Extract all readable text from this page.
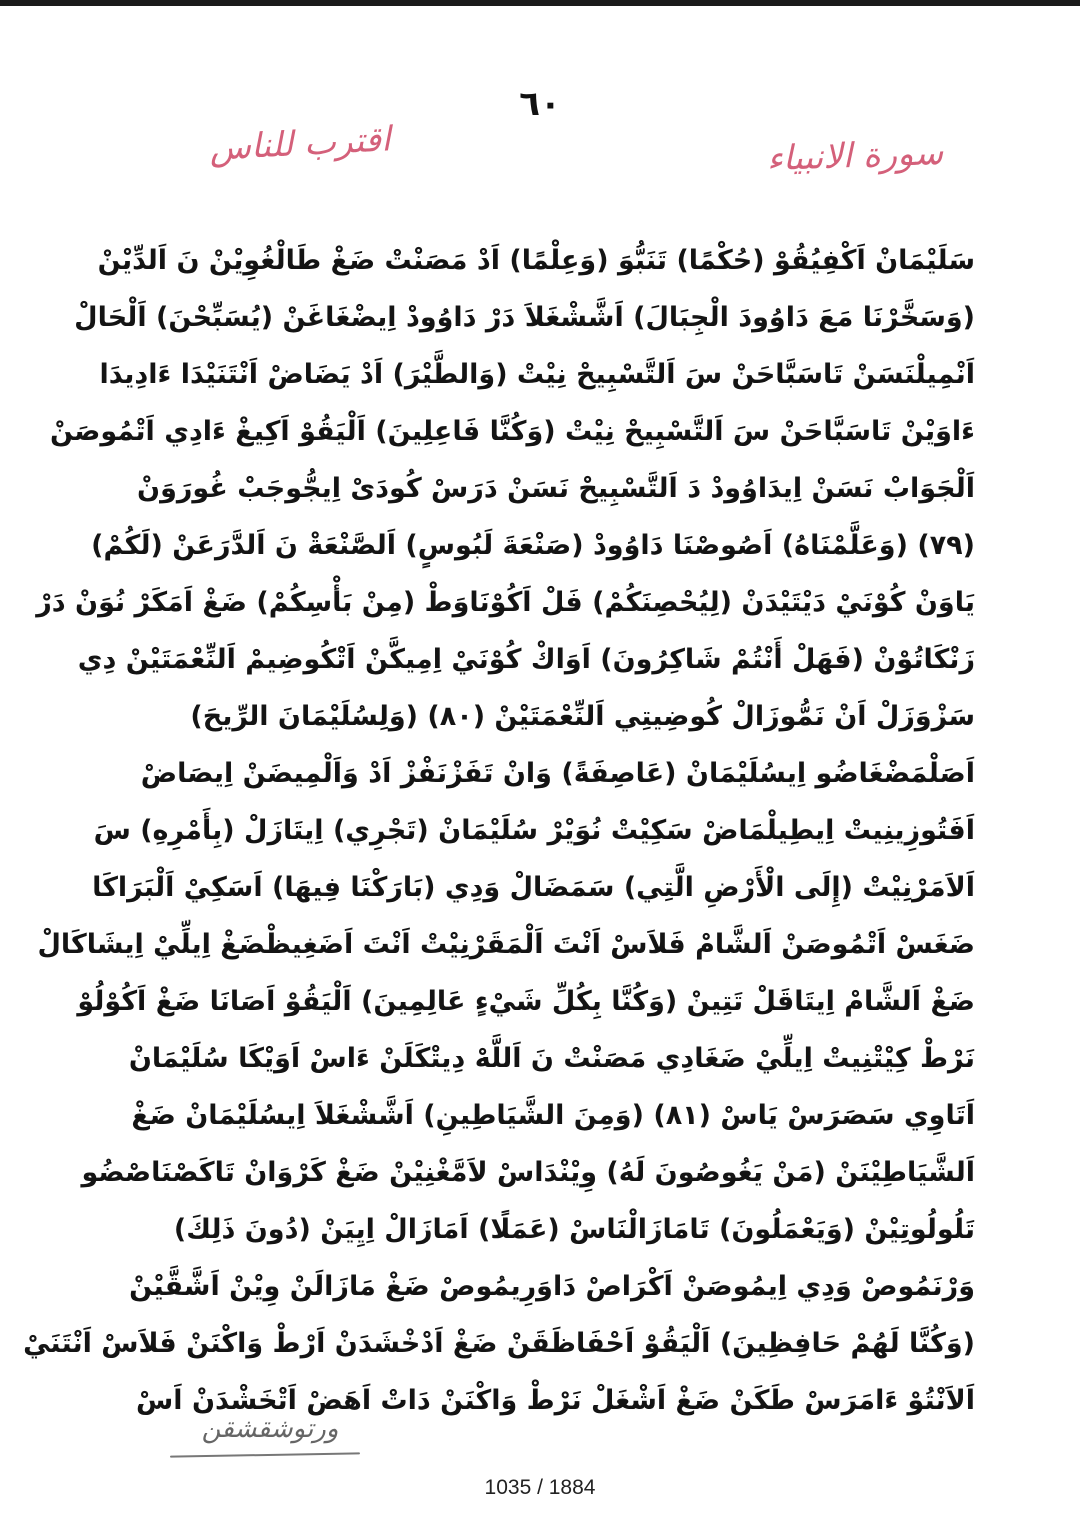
٦٠
اقترب للناس	سورة الانبياء
سَلَيْمَانْ اَكْفِيُقُوْ (حُكْمًا) تَنَبُّوَ (وَعِلْمًا) اَدْ مَصَنْتْ ضَغْ طَالْغُوِيْنْ نَ اَلدِّيْنْ
(وَسَخَّرْنَا مَعَ دَاوُودَ الْجِبَالَ) اَشَّشْغَلاَ دَرْ دَاوُودْ اِيضْغَاغَنْ (يُسَبِّحْنَ) اَلْحَالْ
اَنْمِيلْنَسَنْ تَاسَبَّاحَنْ سَ اَلتَّسْبِيحْ نِيْتْ (وَالطَّيْرَ) اَدْ يَضَاضْ اَنْتَنَيْدَا ءَادِيدَا
ءَاوَيْنْ تَاسَبَّاحَنْ سَ اَلتَّسْبِيحْ نِيْتْ (وَكُنَّا فَاعِلِينَ) اَلْيَقُوْ اَكِيغْ ءَادِي اَتْمُوصَنْ
اَلْجَوَابْ نَسَنْ اِيدَاوُودْ دَ اَلتَّسْبِيحْ نَسَنْ دَرَسْ كُودَىْ اِيجُّوجَبْ غُورَوَنْ
(٧٩) (وَعَلَّمْنَاهُ) اَصُوصْنَا دَاوُودْ (صَنْعَةَ لَبُوسٍ) اَلصَّنْعَةْ نَ اَلدَّرَعَنْ (لَكُمْ)
يَاوَنْ كُوْنَيْ دَيْتَيْدَنْ (لِيُحْصِنَكُمْ) فَلْ اَكُوْنَاوَطْ (مِنْ بَأْسِكُمْ) ضَغْ اَمَكَرْ نُوَنْ دَرْ
زَنْكَاتُوْنْ (فَهَلْ أَنْتُمْ شَاكِرُونَ) اَوَاكْ كُوْنَيْ اِمِيكَّنْ اَتْكُوضِيمْ اَلنِّعْمَتَيْنْ دِي
سَزْوَزَلْ اَنْ نَمُّوزَالْ كُوضِيتِي اَلنِّعْمَتَيْنْ (٨٠) (وَلِسُلَيْمَانَ الرِّيحَ)
اَصَلْمَضْغَاضُو اِيسُلَيْمَانْ (عَاصِفَةً) وَانْ تَفَزْنَفْزْ اَدْ وَاَلْمِيضَنْ اِيصَاضْ
اَفَتُوزِينِيتْ اِيطِيلْمَاضْ سَكِيْتْ نُوَيْرْ سُلَيْمَانْ (تَجْرِي) اِيتَازَلْ (بِأَمْرِهِ) سَ
اَلاَمَرْنِيْتْ (إِلَى الْأَرْضِ الَّتِي) سَمَضَالْ وَدِي (بَارَكْنَا فِيهَا) اَسَكِيْ اَلْبَرَاكَا
ضَغَسْ اَتْمُوصَنْ اَلشَّامْ فَلاَسْ اَنْتَ اَلْمَقَرْنِيْتْ اَنْتَ اَضَغِيظْضَغْ اِيلِّيْ اِيشَاكَالْ
ضَغْ اَلشَّامْ اِيتَاقَلْ تَتِينْ (وَكُنَّا بِكُلِّ شَيْءٍ عَالِمِينَ) اَلْيَقُوْ اَصَانَا ضَغْ اَكُوْلُوْ
نَرْطْ كِيْتْنِيتْ اِيلِّيْ ضَغَادِي مَصَنْتْ نَ اَللَّهْ دِيتْكَلَنْ ءَاسْ اَوَيْكَا سُلَيْمَانْ
اَتَاوِي سَصَرَسْ يَاسْ (٨١) (وَمِنَ الشَّيَاطِينِ) اَشَّشْغَلاَ اِيسُلَيْمَانْ ضَغْ
اَلشَّيَاطِيْنَنْ (مَنْ يَغُوصُونَ لَهُ) وِيْنْدَاسْ لاَمَّغْنِيْنْ ضَغْ كَرْوَانْ تَاكَصْنَاصْضُو
تَلُولُوتِيْنْ (وَيَعْمَلُونَ) تَامَازَالْنَاسْ (عَمَلًا) اَمَازَالْ اِيِيَنْ (دُونَ ذَلِكَ)
وَرْنَمُوصْ وَدِي اِيمُوصَنْ اَكْرَاصْ دَاوَرِيمُوصْ ضَغْ مَازَالَنْ وِيْنْ اَشَّقَّيْنْ
(وَكُنَّا لَهُمْ حَافِظِينَ) اَلْيَقُوْ اَحْفَاظَقَنْ ضَغْ اَدْخْشَدَنْ اَرْطْ وَاكْنَنْ فَلاَسْ اَنْتَنَيْ
اَلاَنْتُوْ ءَامَرَسْ طَكَنْ ضَغْ اَشْغَلْ نَرْطْ وَاكْنَنْ دَاتْ اَهَضْ اَتْخَشْدَنْ اَسْ
ورتوشقشقن
1035 / 1884
